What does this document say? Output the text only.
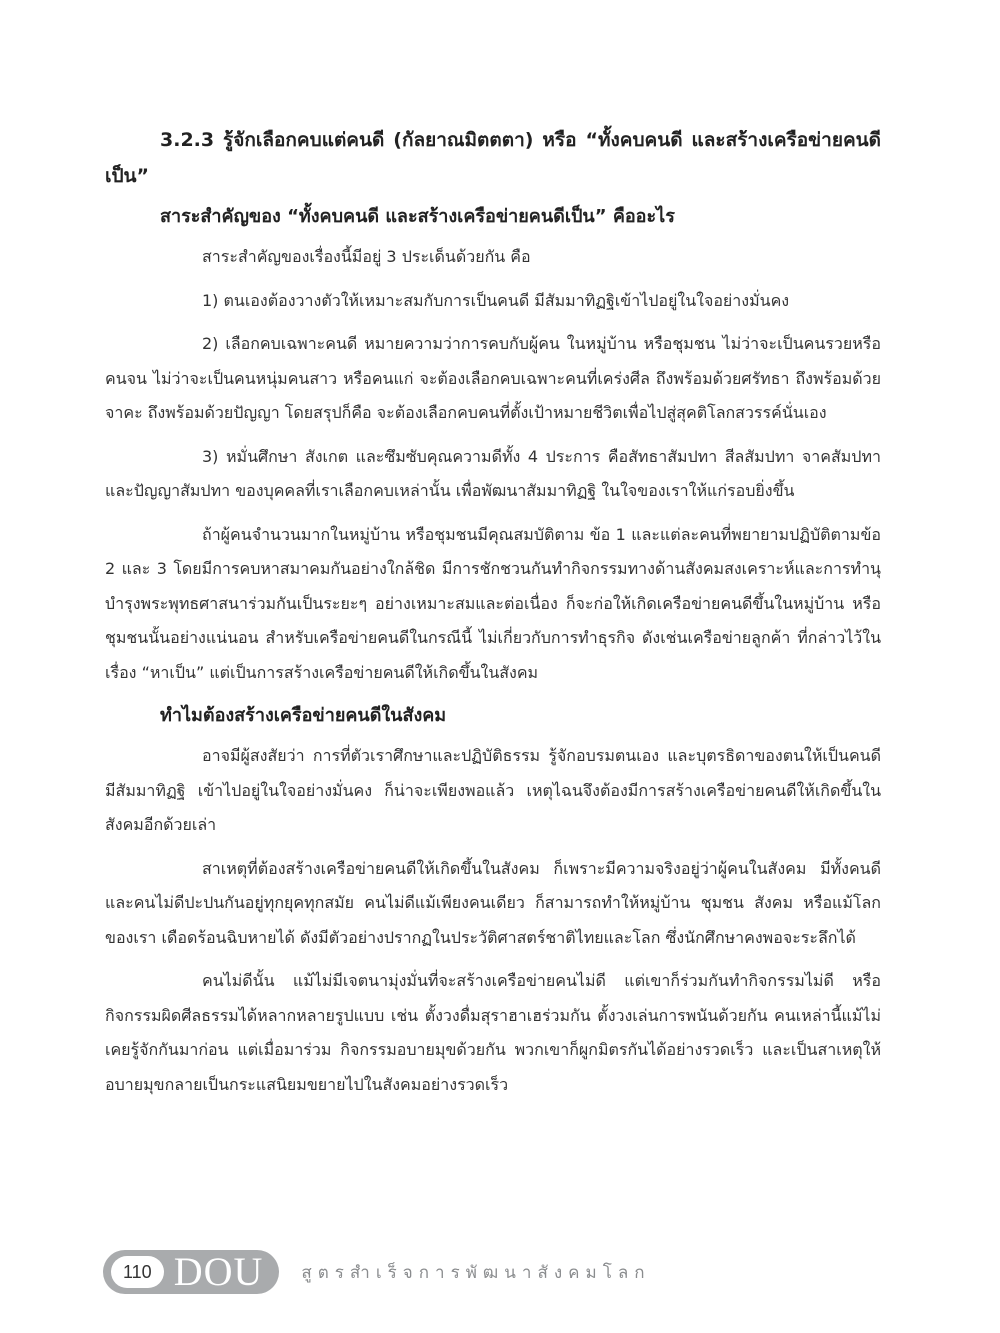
3.2.3 รู้จักเลือกคบแต่คนดี (กัลยาณมิตตตา) หรือ “ทั้งคบคนดี และสร้างเครือข่ายคนดีเป็น”

สาระสำคัญของ “ทั้งคบคนดี และสร้างเครือข่ายคนดีเป็น” คืออะไร

สาระสำคัญของเรื่องนี้มีอยู่ 3 ประเด็นด้วยกัน คือ

1) ตนเองต้องวางตัวให้เหมาะสมกับการเป็นคนดี มีสัมมาทิฏฐิเข้าไปอยู่ในใจอย่างมั่นคง

2) เลือกคบเฉพาะคนดี หมายความว่าการคบกับผู้คน ในหมู่บ้าน หรือชุมชน ไม่ว่าจะเป็นคนรวยหรือคนจน ไม่ว่าจะเป็นคนหนุ่มคนสาว หรือคนแก่ จะต้องเลือกคบเฉพาะคนที่เคร่งศีล ถึงพร้อมด้วยศรัทธา ถึงพร้อมด้วยจาคะ ถึงพร้อมด้วยปัญญา โดยสรุปก็คือ จะต้องเลือกคบคนที่ตั้งเป้าหมายชีวิตเพื่อไปสู่สุคติโลกสวรรค์นั่นเอง

3) หมั่นศึกษา สังเกต และซึมซับคุณความดีทั้ง 4 ประการ คือสัทธาสัมปทา สีลสัมปทา จาคสัมปทา และปัญญาสัมปทา ของบุคคลที่เราเลือกคบเหล่านั้น เพื่อพัฒนาสัมมาทิฏฐิ ในใจของเราให้แก่รอบยิ่งขึ้น

ถ้าผู้คนจำนวนมากในหมู่บ้าน หรือชุมชนมีคุณสมบัติตาม ข้อ 1 และแต่ละคนที่พยายามปฏิบัติตามข้อ 2 และ 3 โดยมีการคบหาสมาคมกันอย่างใกล้ชิด มีการชักชวนกันทำกิจกรรมทางด้านสังคมสงเคราะห์และการทำนุบำรุงพระพุทธศาสนาร่วมกันเป็นระยะๆ อย่างเหมาะสมและต่อเนื่อง ก็จะก่อให้เกิดเครือข่ายคนดีขึ้นในหมู่บ้าน หรือชุมชนนั้นอย่างแน่นอน สำหรับเครือข่ายคนดีในกรณีนี้ ไม่เกี่ยวกับการทำธุรกิจ ดังเช่นเครือข่ายลูกค้า ที่กล่าวไว้ในเรื่อง “หาเป็น” แต่เป็นการสร้างเครือข่ายคนดีให้เกิดขึ้นในสังคม

ทำไมต้องสร้างเครือข่ายคนดีในสังคม

อาจมีผู้สงสัยว่า การที่ตัวเราศึกษาและปฏิบัติธรรม รู้จักอบรมตนเอง และบุตรธิดาของตนให้เป็นคนดีมีสัมมาทิฏฐิ เข้าไปอยู่ในใจอย่างมั่นคง ก็น่าจะเพียงพอแล้ว เหตุไฉนจึงต้องมีการสร้างเครือข่ายคนดีให้เกิดขึ้นในสังคมอีกด้วยเล่า

สาเหตุที่ต้องสร้างเครือข่ายคนดีให้เกิดขึ้นในสังคม ก็เพราะมีความจริงอยู่ว่าผู้คนในสังคม มีทั้งคนดีและคนไม่ดีปะปนกันอยู่ทุกยุคทุกสมัย คนไม่ดีแม้เพียงคนเดียว ก็สามารถทำให้หมู่บ้าน ชุมชน สังคม หรือแม้โลกของเรา เดือดร้อนฉิบหายได้ ดังมีตัวอย่างปรากฏในประวัติศาสตร์ชาติไทยและโลก ซึ่งนักศึกษาคงพอจะระลึกได้

คนไม่ดีนั้น แม้ไม่มีเจตนามุ่งมั่นที่จะสร้างเครือข่ายคนไม่ดี แต่เขาก็ร่วมกันทำกิจกรรมไม่ดี หรือกิจกรรมผิดศีลธรรมได้หลากหลายรูปแบบ เช่น ตั้งวงดื่มสุราฮาเฮร่วมกัน ตั้งวงเล่นการพนันด้วยกัน คนเหล่านี้แม้ไม่เคยรู้จักกันมาก่อน แต่เมื่อมาร่วม กิจกรรมอบายมุขด้วยกัน พวกเขาก็ผูกมิตรกันได้อย่างรวดเร็ว และเป็นสาเหตุให้อบายมุขกลายเป็นกระแสนิยมขยายไปในสังคมอย่างรวดเร็ว

110 DOU สูตรสำเร็จการพัฒนาสังคมโลก
